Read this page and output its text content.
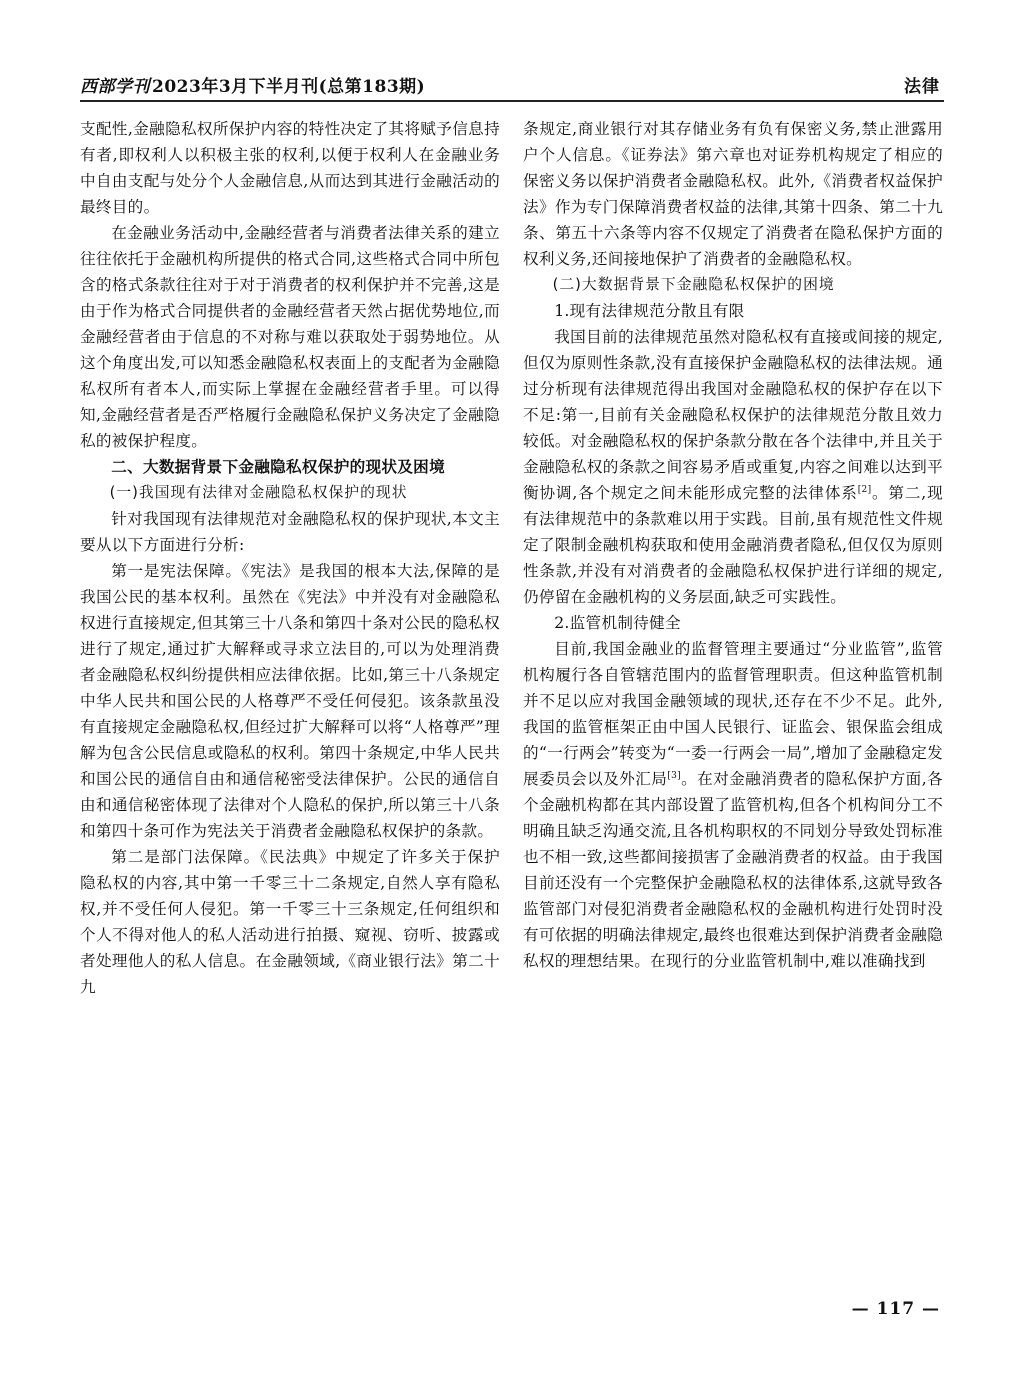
西部学刊 2023年3月下半月刊(总第183期)	法律

支配性,金融隐私权所保护内容的特性决定了其将赋予信息持有者,即权利人以积极主张的权利,以便于权利人在金融业务中自由支配与处分个人金融信息,从而达到其进行金融活动的最终目的。

在金融业务活动中,金融经营者与消费者法律关系的建立往往依托于金融机构所提供的格式合同,这些格式合同中所包含的格式条款往往对于对于消费者的权利保护并不完善,这是由于作为格式合同提供者的金融经营者天然占据优势地位,而金融经营者由于信息的不对称与难以获取处于弱势地位。从这个角度出发,可以知悉金融隐私权表面上的支配者为金融隐私权所有者本人,而实际上掌握在金融经营者手里。可以得知,金融经营者是否严格履行金融隐私保护义务决定了金融隐私的被保护程度。

二、大数据背景下金融隐私权保护的现状及困境

(一)我国现有法律对金融隐私权保护的现状

针对我国现有法律规范对金融隐私权的保护现状,本文主要从以下方面进行分析:

第一是宪法保障。《宪法》是我国的根本大法,保障的是我国公民的基本权利。虽然在《宪法》中并没有对金融隐私权进行直接规定,但其第三十八条和第四十条对公民的隐私权进行了规定,通过扩大解释或寻求立法目的,可以为处理消费者金融隐私权纠纷提供相应法律依据。比如,第三十八条规定中华人民共和国公民的人格尊严不受任何侵犯。该条款虽没有直接规定金融隐私权,但经过扩大解释可以将“人格尊严”理解为包含公民信息或隐私的权利。第四十条规定,中华人民共和国公民的通信自由和通信秘密受法律保护。公民的通信自由和通信秘密体现了法律对个人隐私的保护,所以第三十八条和第四十条可作为宪法关于消费者金融隐私权保护的条款。

第二是部门法保障。《民法典》中规定了许多关于保护隐私权的内容,其中第一千零三十二条规定,自然人享有隐私权,并不受任何人侵犯。第一千零三十三条规定,任何组织和个人不得对他人的私人活动进行拍摄、窥视、窃听、披露或者处理他人的私人信息。在金融领域,《商业银行法》第二十九

条规定,商业银行对其存储业务有负有保密义务,禁止泄露用户个人信息。《证券法》第六章也对证券机构规定了相应的保密义务以保护消费者金融隐私权。此外,《消费者权益保护法》作为专门保障消费者权益的法律,其第十四条、第二十九条、第五十六条等内容不仅规定了消费者在隐私保护方面的权利义务,还间接地保护了消费者的金融隐私权。

(二)大数据背景下金融隐私权保护的困境

1.现有法律规范分散且有限

我国目前的法律规范虽然对隐私权有直接或间接的规定,但仅为原则性条款,没有直接保护金融隐私权的法律法规。通过分析现有法律规范得出我国对金融隐私权的保护存在以下不足:第一,目前有关金融隐私权保护的法律规范分散且效力较低。对金融隐私权的保护条款分散在各个法律中,并且关于金融隐私权的条款之间容易矛盾或重复,内容之间难以达到平衡协调,各个规定之间未能形成完整的法律体系[2]。第二,现有法律规范中的条款难以用于实践。目前,虽有规范性文件规定了限制金融机构获取和使用金融消费者隐私,但仅仅为原则性条款,并没有对消费者的金融隐私权保护进行详细的规定,仍停留在金融机构的义务层面,缺乏可实践性。

2.监管机制待健全

目前,我国金融业的监督管理主要通过“分业监管”,监管机构履行各自管辖范围内的监督管理职责。但这种监管机制并不足以应对我国金融领域的现状,还存在不少不足。此外,我国的监管框架正由中国人民银行、证监会、银保监会组成的“一行两会”转变为“一委一行两会一局”,增加了金融稳定发展委员会以及外汇局[3]。在对金融消费者的隐私保护方面,各个金融机构都在其内部设置了监管机构,但各个机构间分工不明确且缺乏沟通交流,且各机构职权的不同划分导致处罚标准也不相一致,这些都间接损害了金融消费者的权益。由于我国目前还没有一个完整保护金融隐私权的法律体系,这就导致各监管部门对侵犯消费者金融隐私权的金融机构进行处罚时没有可依据的明确法律规定,最终也很难达到保护消费者金融隐私权的理想结果。在现行的分业监管机制中,难以准确找到

— 117 —
